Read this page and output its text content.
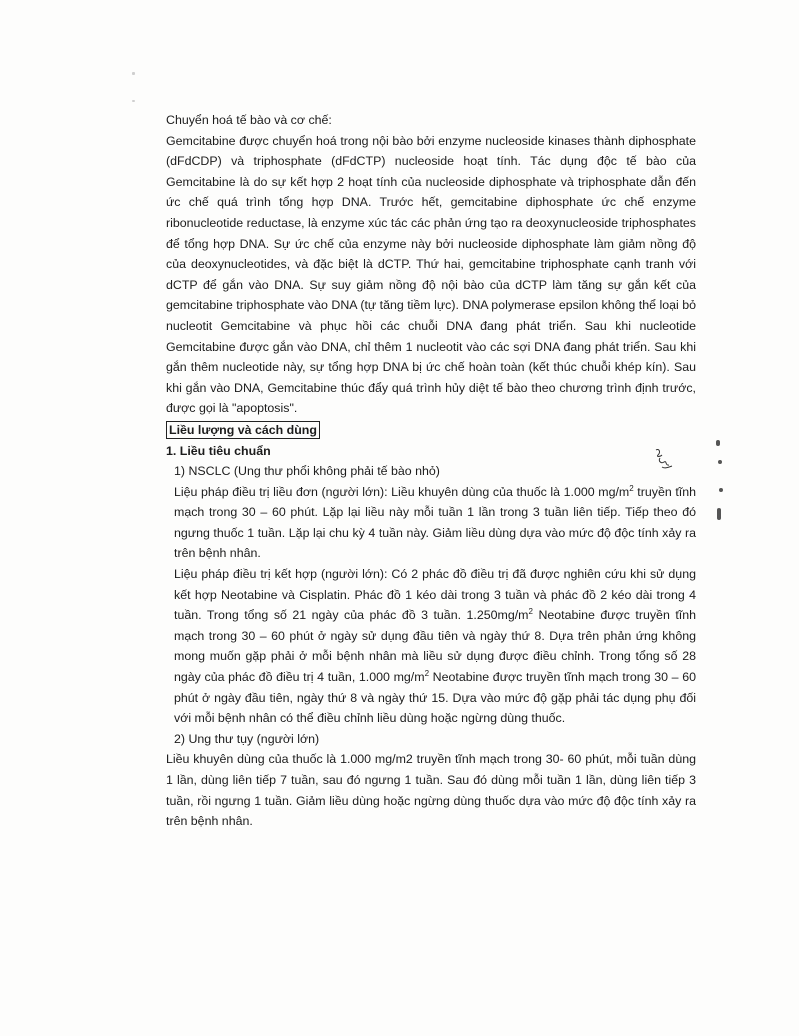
Chuyển hoá tế bào và cơ chế:

Gemcitabine được chuyển hoá trong nội bào bởi enzyme nucleoside kinases thành diphosphate (dFdCDP) và triphosphate (dFdCTP) nucleoside hoạt tính. Tác dụng độc tế bào của Gemcitabine là do sự kết hợp 2 hoạt tính của nucleoside diphosphate và triphosphate dẫn đến ức chế quá trình tổng hợp DNA. Trước hết, gemcitabine diphosphate ức chế enzyme ribonucleotide reductase, là enzyme xúc tác các phản ứng tạo ra deoxynucleoside triphosphates để tổng hợp DNA. Sự ức chế của enzyme này bởi nucleoside diphosphate làm giảm nồng độ của deoxynucleotides, và đặc biệt là dCTP. Thứ hai, gemcitabine triphosphate cạnh tranh với dCTP để gắn vào DNA. Sự suy giảm nồng độ nội bào của dCTP làm tăng sự gắn kết của gemcitabine triphosphate vào DNA (tự tăng tiềm lực). DNA polymerase epsilon không thể loại bỏ nucleotit Gemcitabine và phục hồi các chuỗi DNA đang phát triển. Sau khi nucleotide Gemcitabine được gắn vào DNA, chỉ thêm 1 nucleotit vào các sợi DNA đang phát triển. Sau khi gắn thêm nucleotide này, sự tổng hợp DNA bị ức chế hoàn toàn (kết thúc chuỗi khép kín). Sau khi gắn vào DNA, Gemcitabine thúc đẩy quá trình hủy diệt tế bào theo chương trình định trước, được gọi là "apoptosis".

Liều lượng và cách dùng

1. Liều tiêu chuẩn

1) NSCLC (Ung thư phổi không phải tế bào nhỏ)

Liệu pháp điều trị liều đơn (người lớn): Liều khuyên dùng của thuốc là 1.000 $mg/m^2$ truyền tĩnh mạch trong 30 – 60 phút. Lặp lại liều này mỗi tuần 1 lần trong 3 tuần liên tiếp. Tiếp theo đó ngưng thuốc 1 tuần. Lặp lại chu kỳ 4 tuần này. Giảm liều dùng dựa vào mức độ độc tính xảy ra trên bệnh nhân.

Liệu pháp điều trị kết hợp (người lớn): Có 2 phác đồ điều trị đã được nghiên cứu khi sử dụng kết hợp Neotabine và Cisplatin. Phác đồ 1 kéo dài trong 3 tuần và phác đồ 2 kéo dài trong 4 tuần. Trong tổng số 21 ngày của phác đồ 3 tuần. $1.250mg/m^2$ Neotabine được truyền tĩnh mạch trong 30 – 60 phút ở ngày sử dụng đầu tiên và ngày thứ 8. Dựa trên phản ứng không mong muốn gặp phải ở mỗi bệnh nhân mà liều sử dụng được điều chỉnh. Trong tổng số 28 ngày của phác đồ điều trị 4 tuần, 1.000 $mg/m^2$ Neotabine được truyền tĩnh mạch trong 30 – 60 phút ở ngày đầu tiên, ngày thứ 8 và ngày thứ 15. Dựa vào mức độ gặp phải tác dụng phụ đối với mỗi bệnh nhân có thể điều chỉnh liều dùng hoặc ngừng dùng thuốc.

2) Ung thư tụy (người lớn)

Liều khuyên dùng của thuốc là 1.000 mg/m2 truyền tĩnh mạch trong 30- 60 phút, mỗi tuần dùng 1 lần, dùng liên tiếp 7 tuần, sau đó ngưng 1 tuần. Sau đó dùng mỗi tuần 1 lần, dùng liên tiếp 3 tuần, rồi ngưng 1 tuần. Giảm liều dùng hoặc ngừng dùng thuốc dựa vào mức độ độc tính xảy ra trên bệnh nhân.
